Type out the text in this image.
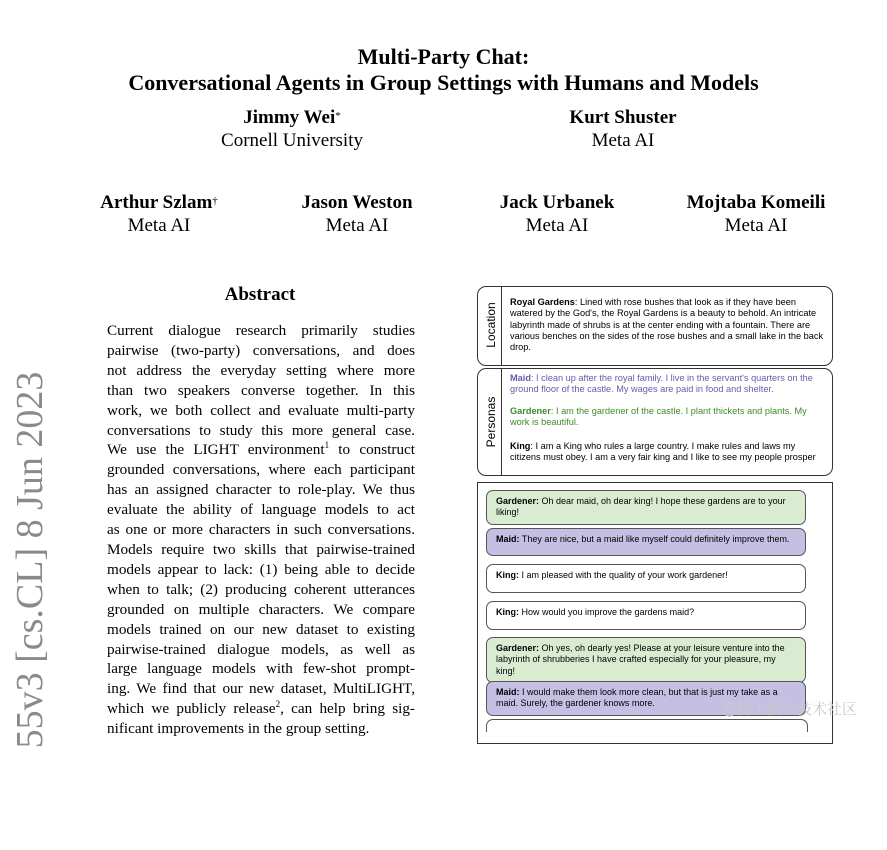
55v3 [cs.CL] 8 Jun 2023
Multi-Party Chat:
Conversational Agents in Group Settings with Humans and Models
Jimmy Wei*
Cornell University
Kurt Shuster
Meta AI
Arthur Szlam†
Meta AI
Jason Weston
Meta AI
Jack Urbanek
Meta AI
Mojtaba Komeili
Meta AI
Abstract
Current dialogue research primarily studies
pairwise (two-party) conversations, and does
not address the everyday setting where more
than two speakers converse together. In this
work, we both collect and evaluate multi-party
conversations to study this more general case.
We use the LIGHT environment$^1$ to construct
grounded conversations, where each participant
has an assigned character to role-play. We thus
evaluate the ability of language models to act
as one or more characters in such conversations.
Models require two skills that pairwise-trained
models appear to lack: (1) being able to decide
when to talk; (2) producing coherent utterances
grounded on multiple characters. We compare
models trained on our new dataset to existing
pairwise-trained dialogue models, as well as
large language models with few-shot prompt-
ing. We find that our new dataset, MultiLIGHT,
which we publicly release$^2$, can help bring sig-
nificant improvements in the group setting.
Location
Royal Gardens: Lined with rose bushes that look as if they have been watered by the God's, the Royal Gardens is a beauty to behold. An intricate labyrinth made of shrubs is at the center ending with a fountain. There are various benches on the sides of the rose bushes and a small lake in the back drop.
Personas
Maid: I clean up after the royal family. I live in the servant's quarters on the ground floor of the castle. My wages are paid in food and shelter.
Gardener: I am the gardener of the castle. I plant thickets and plants. My work is beautiful.
King: I am a King who rules a large country. I make rules and laws my citizens must obey. I am a very fair king and I like to see my people prosper
Gardener: Oh dear maid, oh dear king! I hope these gardens are to your liking!
Maid: They are nice, but a maid like myself could definitely improve them.
King: I am pleased with the quality of your work gardener!
King: How would you improve the gardens maid?
Gardener: Oh yes, oh dearly yes! Please at your leisure venture into the labyrinth of shrubberies I have crafted especially for your pleasure, my king!
Maid: I would make them look more clean, but that is just my take as a maid. Surely, the gardener knows more.	@稀土掘金技术社区
